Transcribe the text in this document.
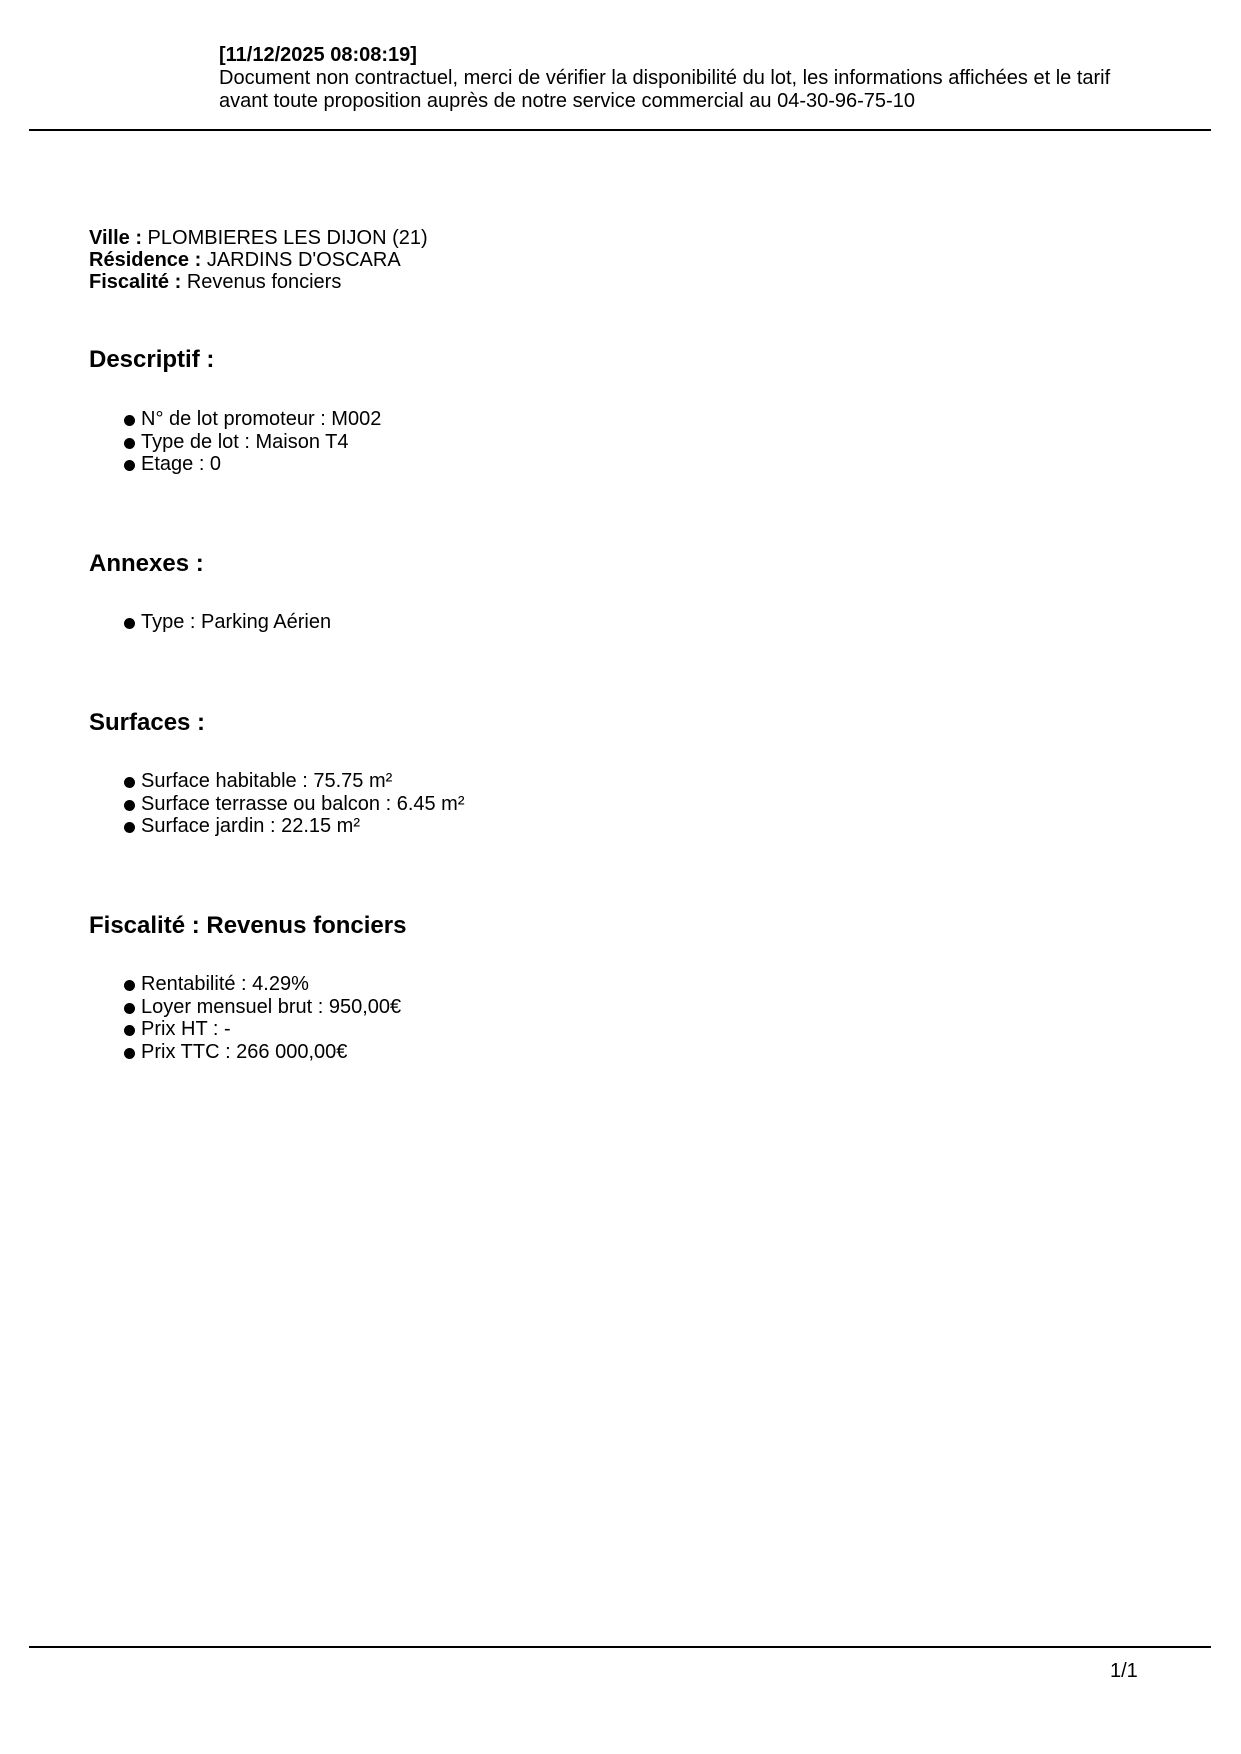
[11/12/2025 08:08:19]
Document non contractuel, merci de vérifier la disponibilité du lot, les informations affichées et le tarif
avant toute proposition auprès de notre service commercial au 04-30-96-75-10
Ville : PLOMBIERES LES DIJON (21)
Résidence : JARDINS D'OSCARA
Fiscalité : Revenus fonciers
Descriptif :
N° de lot promoteur : M002
Type de lot : Maison T4
Etage : 0
Annexes :
Type : Parking Aérien
Surfaces :
Surface habitable : 75.75 m²
Surface terrasse ou balcon : 6.45 m²
Surface jardin : 22.15 m²
Fiscalité : Revenus fonciers
Rentabilité : 4.29%
Loyer mensuel brut : 950,00€
Prix HT : -
Prix TTC : 266 000,00€
1/1
